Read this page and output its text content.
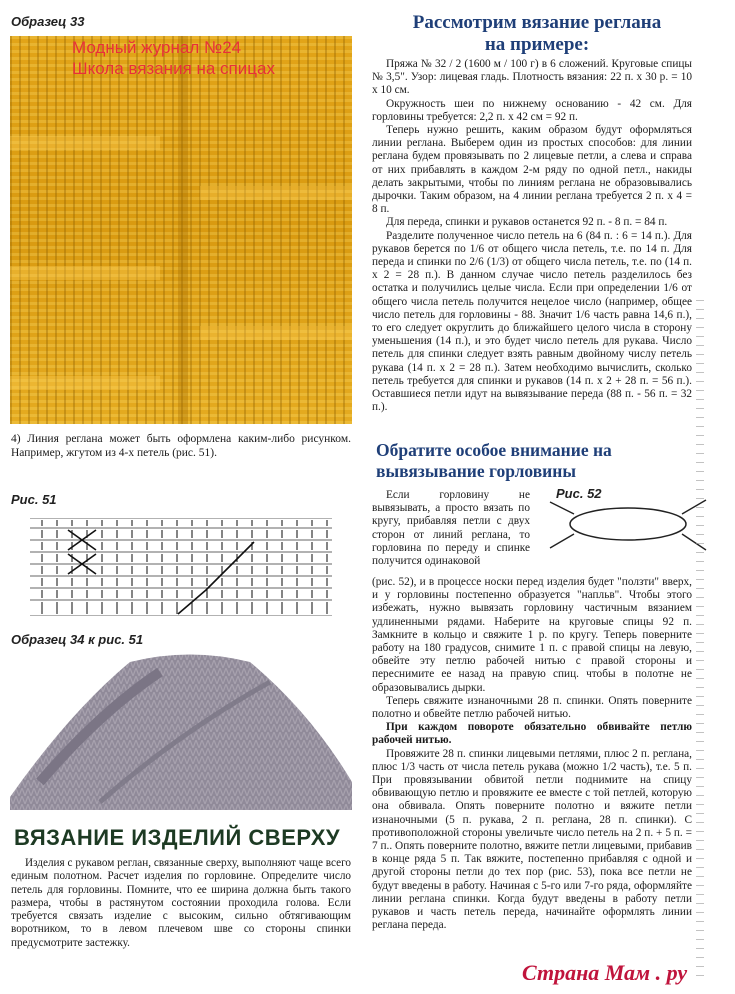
Образец 33
Модный журнал №24
Школа вязания на спицах
4) Линия реглана может быть оформлена каким-либо рисунком. Например, жгутом из 4-х петель (рис. 51).
Рис. 51
Образец 34 к рис. 51
ВЯЗАНИЕ ИЗДЕЛИЙ СВЕРХУ

Изделия с рукавом реглан, связанные сверху, выполняют чаще всего единым полотном. Расчет изделия по горловине. Определите число петель для горловины. Помните, что ее ширина должна быть такого размера, чтобы в растянутом состоянии проходила голова. Если требуется связать изделие с высоким, сильно обтягивающим воротником, то в левом плечевом шве со стороны спинки предусмотрите застежку.

Рассмотрим вязание реглана
на примере:

Пряжа № 32 / 2 (1600 м / 100 г) в 6 сложений. Круговые спицы № 3,5". Узор: лицевая гладь. Плотность вязания: 22 п. х 30 р. = 10 х 10 см.

Окружность шеи по нижнему основанию - 42 см. Для горловины требуется: 2,2 п. х 42 см = 92 п.

Теперь нужно решить, каким образом будут оформляться линии реглана. Выберем один из простых способов: для линии реглана будем провязывать по 2 лицевые петли, а слева и справа от них прибавлять в каждом 2-м ряду по одной петл., накиды делать закрытыми, чтобы по линиям реглана не образовывались дырочки. Таким образом, на 4 линии реглана требуется 2 п. х 4 = 8 п.

Для переда, спинки и рукавов останется 92 п. - 8 п. = 84 п.

Разделите полученное число петель на 6 (84 п. : 6 = 14 п.). Для рукавов берется по 1/6 от общего числа петель, т.е. по 14 п. Для переда и спинки по 2/6 (1/3) от общего числа петель, т.е. по (14 п. х 2 = 28 п.). В данном случае число петель разделилось без остатка и получились целые числа. Если при определении 1/6 от общего числа петель получится нецелое число (например, общее число петель для горловины - 88. Значит 1/6 часть равна 14,6 п.), то его следует округлить до ближайшего целого числа в сторону уменьшения (14 п.), и это будет число петель для рукава. Число петель для спинки следует взять равным двойному числу петель рукава (14 п. х 2 = 28 п.). Затем необходимо вычислить, сколько петель требуется для спинки и рукавов (14 п. х 2 + 28 п. = 56 п.). Оставшиеся петли идут на вывязывание переда (88 п. - 56 п. = 32 п.).

Обратите особое внимание на
вывязывание горловины

Если горловину не вывязывать, а просто вязать по кругу, прибавляя петли с двух сторон от линий реглана, то горловина по переду и спинке получится одинаковой

Рис. 52

(рис. 52), и в процессе носки перед изделия будет "ползти" вверх, и у горловины постепенно образуется "напльв". Чтобы этого избежать, нужно вывязать горловину частичным вязанием удлиненными рядами. Наберите на круговые спицы 92 п. Замкните в кольцо и свяжите 1 р. по кругу. Теперь поверните работу на 180 градусов, снимите 1 п. с правой спицы на левую, обвейте эту петлю рабочей нитью с правой стороны и переснимите ее назад на правую спиц. чтобы в полотне не образовывались дырки.

Теперь свяжите изнаночными 28 п. спинки. Опять поверните полотно и обвейте петлю рабочей нитью.

При каждом повороте обязательно обвивайте петлю рабочей нитью.

Провяжите 28 п. спинки лицевыми петлями, плюс 2 п. реглана, плюс 1/3 часть от числа петель рукава (можно 1/2 часть), т.е. 5 п. При провязывании обвитой петли поднимите на спицу обвивающую петлю и провяжите ее вместе с той петлей, которую она обвивала. Опять поверните полотно и вяжите петли изнаночными (5 п. рукава, 2 п. реглана, 28 п. спинки). С противоположной стороны увеличьте число петель на 2 п. + 5 п. = 7 п.. Опять поверните полотно, вяжите петли лицевыми, прибавив в конце ряда 5 п. Так вяжите, постепенно прибавляя с одной и другой стороны петли до тех пор (рис. 53), пока все петли не будут введены в работу. Начиная с 5-го или 7-го ряда, оформляйте линии реглана спинки. Когда будут введены в работу петли рукавов и часть петель переда, начинайте оформлять линии реглана переда.

Страна Мам . ру
